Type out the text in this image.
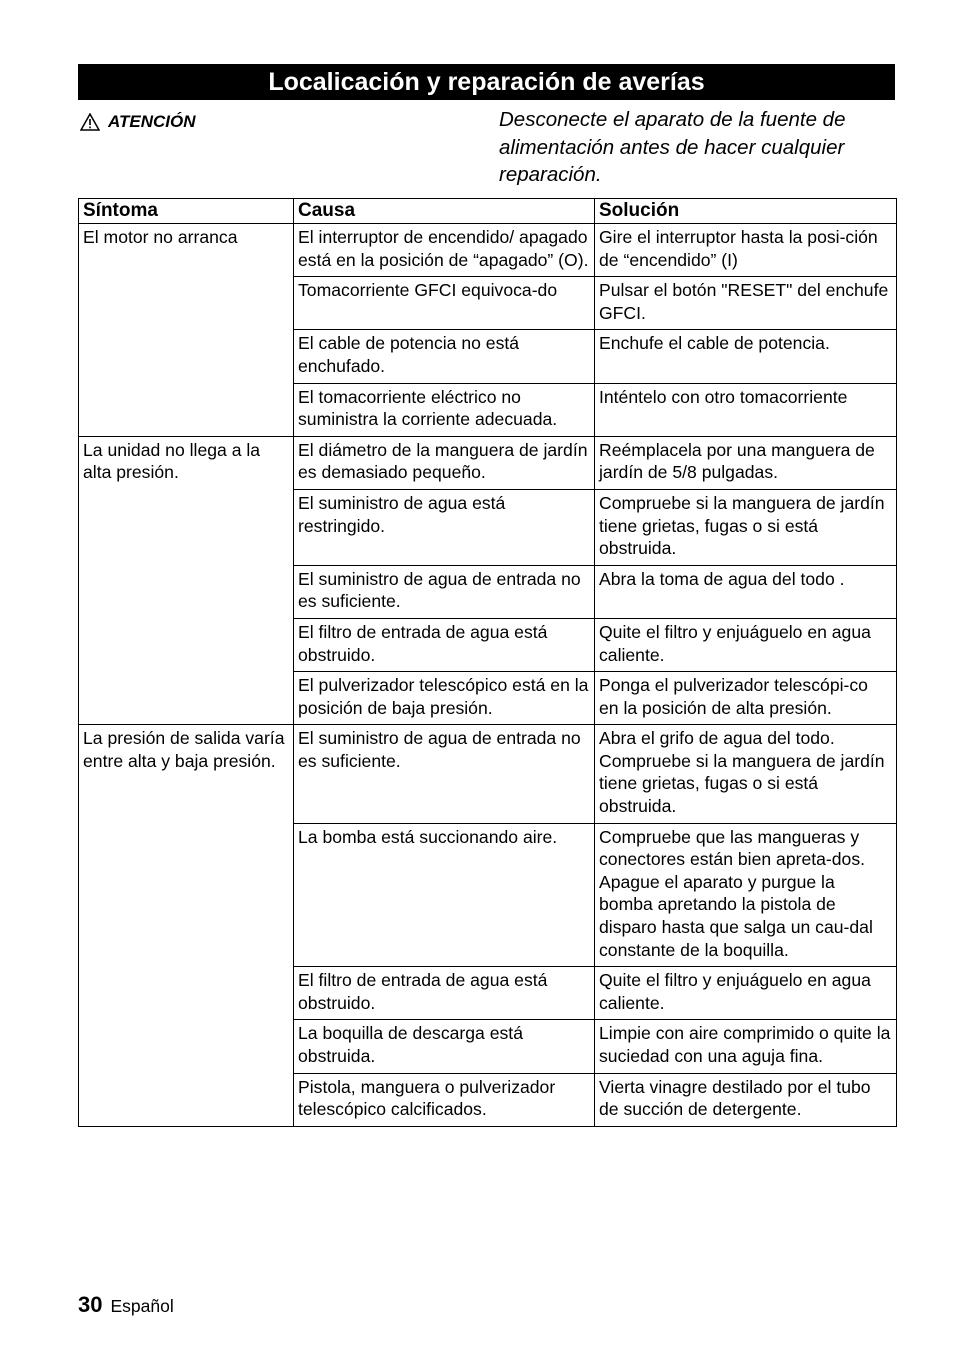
Localicación y reparación de averías
ATENCIÓN	Desconecte el aparato de la fuente de alimentación antes de hacer cualquier reparación.
Síntoma	Causa	Solución
El motor no arranca	El interruptor de encendido/ apagado está en la posición de “apagado” (O).	Gire el interruptor hasta la posi-ción de “encendido” (I)
	Tomacorriente GFCI equivoca-do	Pulsar el botón "RESET" del enchufe GFCI.
	El cable de potencia no está enchufado.	Enchufe el cable de potencia.
	El tomacorriente eléctrico no suministra la corriente adecuada.	Inténtelo con otro tomacorriente
La unidad no llega a la alta presión.	El diámetro de la manguera de jardín es demasiado pequeño.	Reémplacela por una manguera de jardín de 5/8 pulgadas.
	El suministro de agua está restringido.	Compruebe si la manguera de jardín tiene grietas, fugas o si está obstruida.
	El suministro de agua de entrada no es suficiente.	Abra la toma de agua del todo .
	El filtro de entrada de agua está obstruido.	Quite el filtro y enjuáguelo en agua caliente.
	El pulverizador telescópico está en la posición de baja presión.	Ponga el pulverizador telescópi-co en la posición de alta presión.
La presión de salida varía entre alta y baja presión.	El suministro de agua de entrada no es suficiente.	Abra el grifo de agua del todo. Compruebe si la manguera de jardín tiene grietas, fugas o si está obstruida.
	La bomba está succionando aire.	Compruebe que las mangueras y conectores están bien apreta-dos. Apague el aparato y purgue la bomba apretando la pistola de disparo hasta que salga un cau-dal constante de la boquilla.
	El filtro de entrada de agua está obstruido.	Quite el filtro y enjuáguelo en agua caliente.
	La boquilla de descarga está obstruida.	Limpie con aire comprimido o quite la suciedad con una aguja fina.
	Pistola, manguera o pulverizador telescópico calcificados.	Vierta vinagre destilado por el tubo de succión de detergente.
30 Español
